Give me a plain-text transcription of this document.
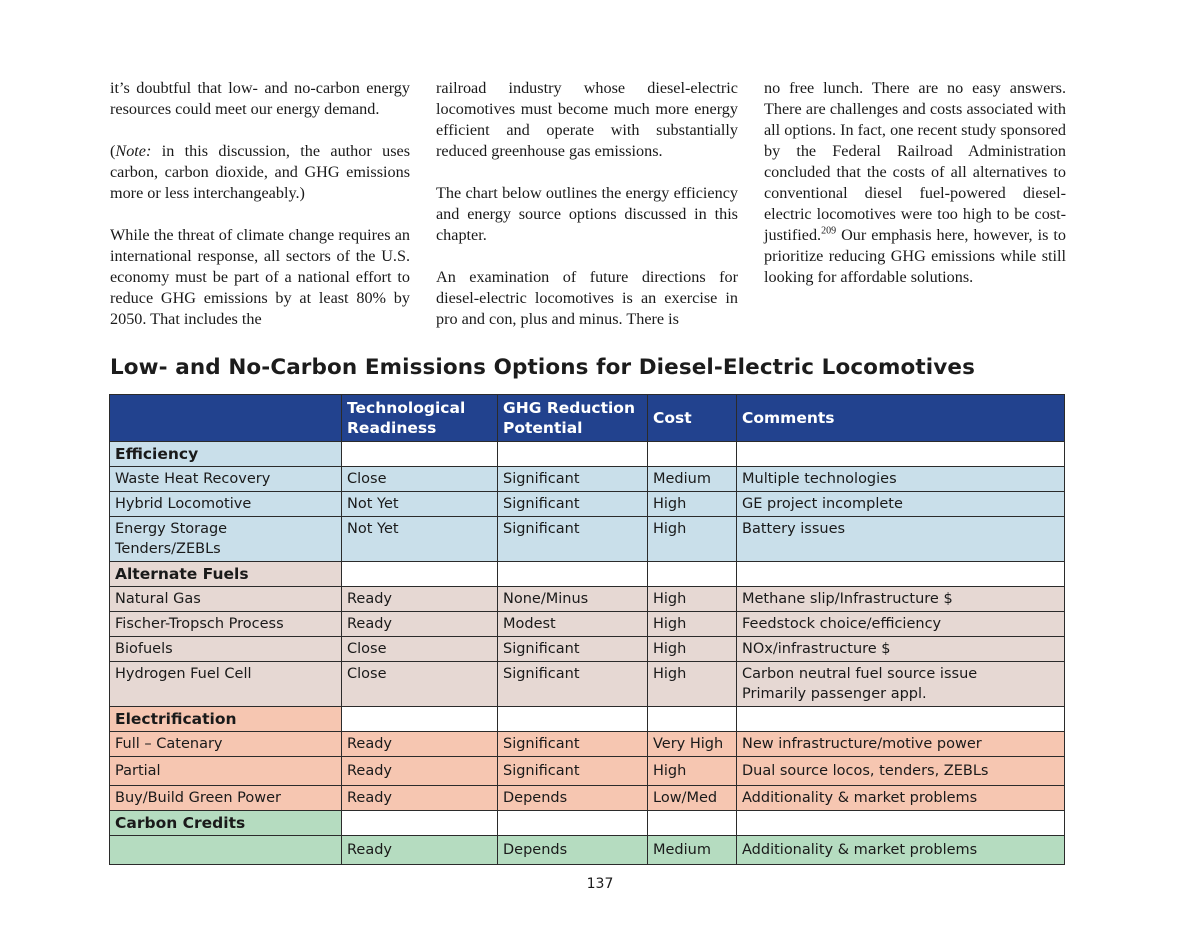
it’s doubtful that low- and no-carbon energy resources could meet our energy demand.

(Note: in this discussion, the author uses carbon, carbon dioxide, and GHG emissions more or less interchangeably.)

While the threat of climate change requires an international response, all sectors of the U.S. economy must be part of a national effort to reduce GHG emissions by at least 80% by 2050. That includes the

railroad industry whose diesel-electric locomotives must become much more energy efficient and operate with substantially reduced greenhouse gas emissions.

The chart below outlines the energy efficiency and energy source options discussed in this chapter.

An examination of future directions for diesel-electric locomotives is an exercise in pro and con, plus and minus. There is

no free lunch. There are no easy answers. There are challenges and costs associated with all options. In fact, one recent study sponsored by the Federal Railroad Administration concluded that the costs of all alternatives to conventional diesel fuel-powered diesel-electric locomotives were too high to be cost-justified.$^{209}$ Our emphasis here, however, is to prioritize reducing GHG emissions while still looking for affordable solutions.

Low- and No-Carbon Emissions Options for Diesel-Electric Locomotives
	Technological Readiness	GHG Reduction Potential	Cost	Comments
Efficiency				
Waste Heat Recovery	Close	Significant	Medium	Multiple technologies
Hybrid Locomotive	Not Yet	Significant	High	GE project incomplete
Energy Storage Tenders/ZEBLs	Not Yet	Significant	High	Battery issues
Alternate Fuels				
Natural Gas	Ready	None/Minus	High	Methane slip/Infrastructure $
Fischer-Tropsch Process	Ready	Modest	High	Feedstock choice/efficiency
Biofuels	Close	Significant	High	NOx/infrastructure $
Hydrogen Fuel Cell	Close	Significant	High	Carbon neutral fuel source issue
Primarily passenger appl.

Electrification				
Full – Catenary	Ready	Significant	Very High	New infrastructure/motive power
Partial	Ready	Significant	High	Dual source locos, tenders, ZEBLs
Buy/Build Green Power	Ready	Depends	Low/Med	Additionality & market problems
Carbon Credits				
	Ready	Depends	Medium	Additionality & market problems
137
